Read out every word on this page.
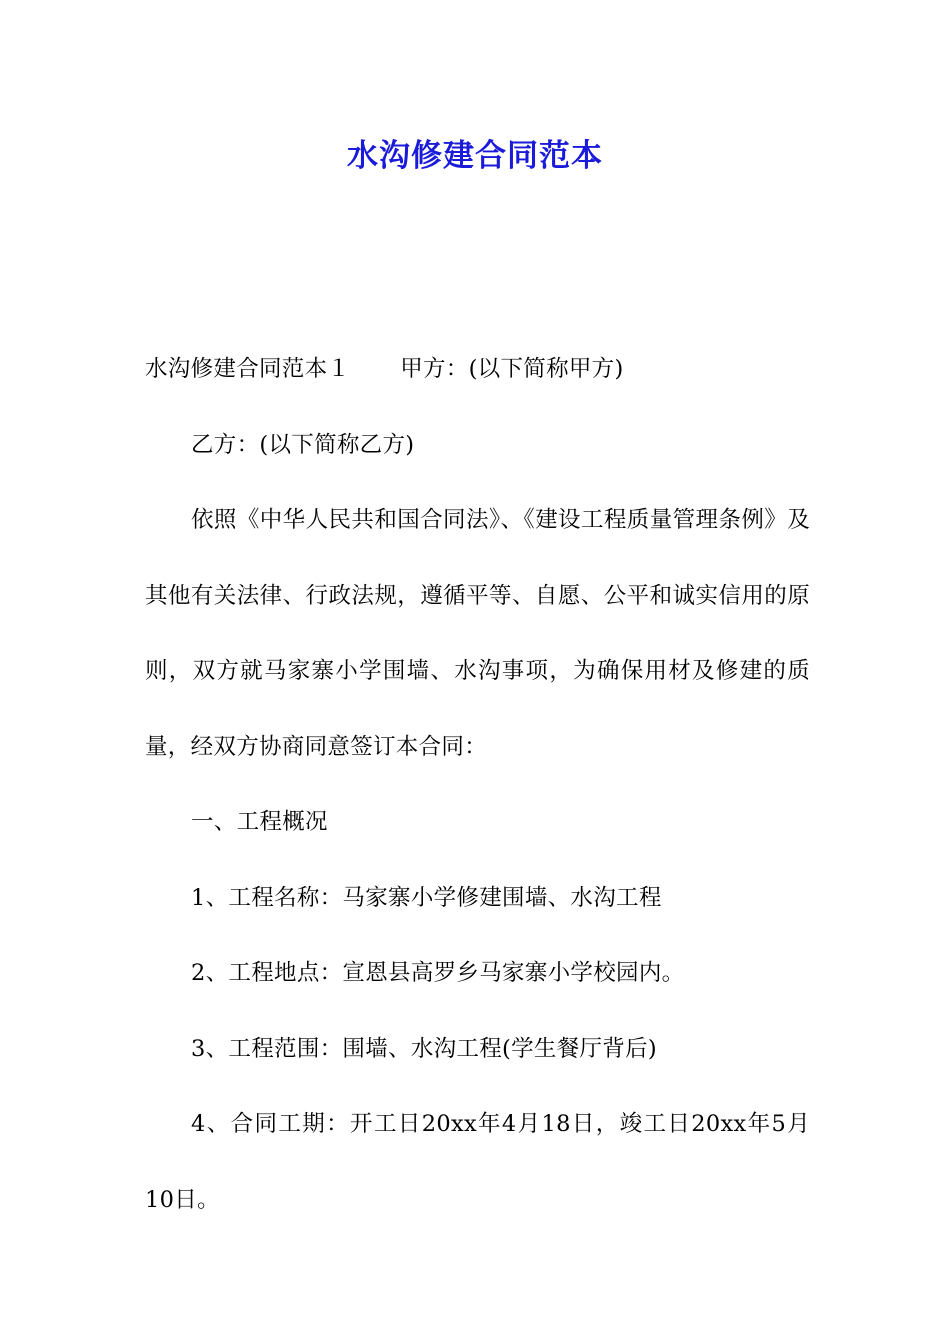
水沟修建合同范本

水沟修建合同范本１ 甲方：(以下简称甲方)

乙方：(以下简称乙方)

依照《中华人民共和国合同法》、《建设工程质量管理条例》及其他有关法律、行政法规，遵循平等、自愿、公平和诚实信用的原则，双方就马家寨小学围墙、水沟事项，为确保用材及修建的质量，经双方协商同意签订本合同：

一、工程概况

1、工程名称：马家寨小学修建围墙、水沟工程

2、工程地点：宣恩县高罗乡马家寨小学校园内。

3、工程范围：围墙、水沟工程(学生餐厅背后)

4、合同工期：开工日20xx年4月18日，竣工日20xx年5月10日。
